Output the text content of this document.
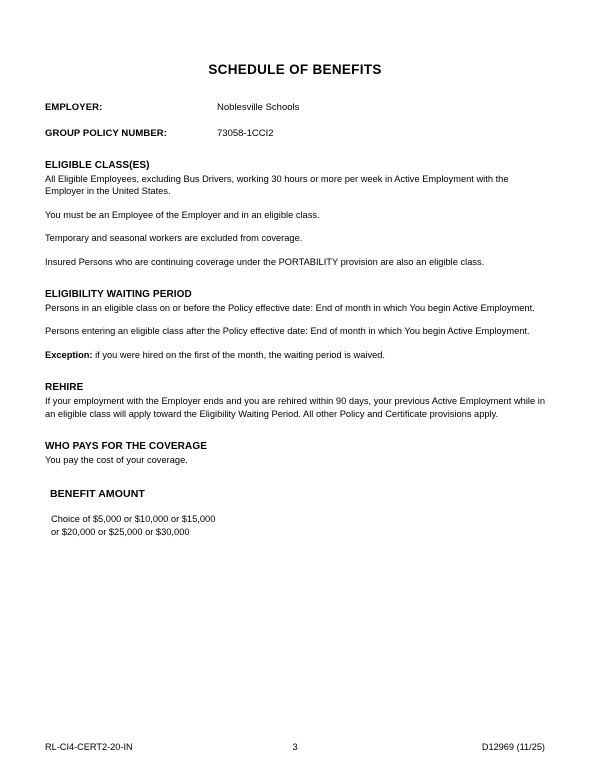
SCHEDULE OF BENEFITS
EMPLOYER:	Noblesville Schools
GROUP POLICY NUMBER:	73058-1CCI2
ELIGIBLE CLASS(ES)

All Eligible Employees, excluding Bus Drivers, working 30 hours or more per week in Active Employment with the Employer in the United States.

You must be an Employee of the Employer and in an eligible class.

Temporary and seasonal workers are excluded from coverage.

Insured Persons who are continuing coverage under the PORTABILITY provision are also an eligible class.

ELIGIBILITY WAITING PERIOD

Persons in an eligible class on or before the Policy effective date: End of month in which You begin Active Employment.

Persons entering an eligible class after the Policy effective date: End of month in which You begin Active Employment.

Exception: if you were hired on the first of the month, the waiting period is waived.

REHIRE

If your employment with the Employer ends and you are rehired within 90 days, your previous Active Employment while in an eligible class will apply toward the Eligibility Waiting Period. All other Policy and Certificate provisions apply.

WHO PAYS FOR THE COVERAGE

You pay the cost of your coverage.

BENEFIT AMOUNT

Choice of $5,000 or $10,000 or $15,000
or $20,000 or $25,000 or $30,000

RL-CI4-CERT2-20-IN	3	D12969 (11/25)
